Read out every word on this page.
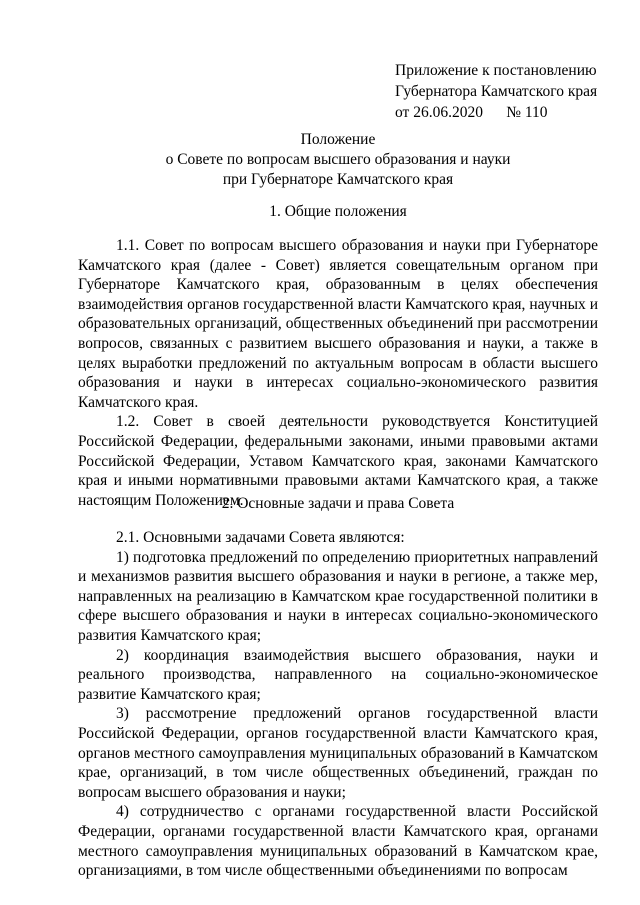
Приложение к постановлению
Губернатора Камчатского края
от 26.06.2020      № 110
Положение
о Совете по вопросам высшего образования и науки
при Губернаторе Камчатского края
1. Общие положения

1.1. Совет по вопросам высшего образования и науки при Губернаторе Камчатского края (далее - Совет) является совещательным органом при Губернаторе Камчатского края, образованным в целях обеспечения взаимодействия органов государственной власти Камчатского края, научных и образовательных организаций, общественных объединений при рассмотрении вопросов, связанных с развитием высшего образования и науки, а также в целях выработки предложений по актуальным вопросам в области высшего образования и науки в интересах социально-экономического развития Камчатского края.

1.2. Совет в своей деятельности руководствуется Конституцией Российской Федерации, федеральными законами, иными правовыми актами Российской Федерации, Уставом Камчатского края, законами Камчатского края и иными нормативными правовыми актами Камчатского края, а также настоящим Положением.

2. Основные задачи и права Совета

2.1. Основными задачами Совета являются:

1) подготовка предложений по определению приоритетных направлений и механизмов развития высшего образования и науки в регионе, а также мер, направленных на реализацию в Камчатском крае государственной политики в сфере высшего образования и науки в интересах социально-экономического развития Камчатского края;

2) координация взаимодействия высшего образования, науки и реального производства, направленного на социально-экономическое развитие Камчатского края;

3) рассмотрение предложений органов государственной власти Российской Федерации, органов государственной власти Камчатского края, органов местного самоуправления муниципальных образований в Камчатском крае, организаций, в том числе общественных объединений, граждан по вопросам высшего образования и науки;

4) сотрудничество с органами государственной власти Российской Федерации, органами государственной власти Камчатского края, органами местного самоуправления муниципальных образований в Камчатском крае, организациями, в том числе общественными объединениями по вопросам
